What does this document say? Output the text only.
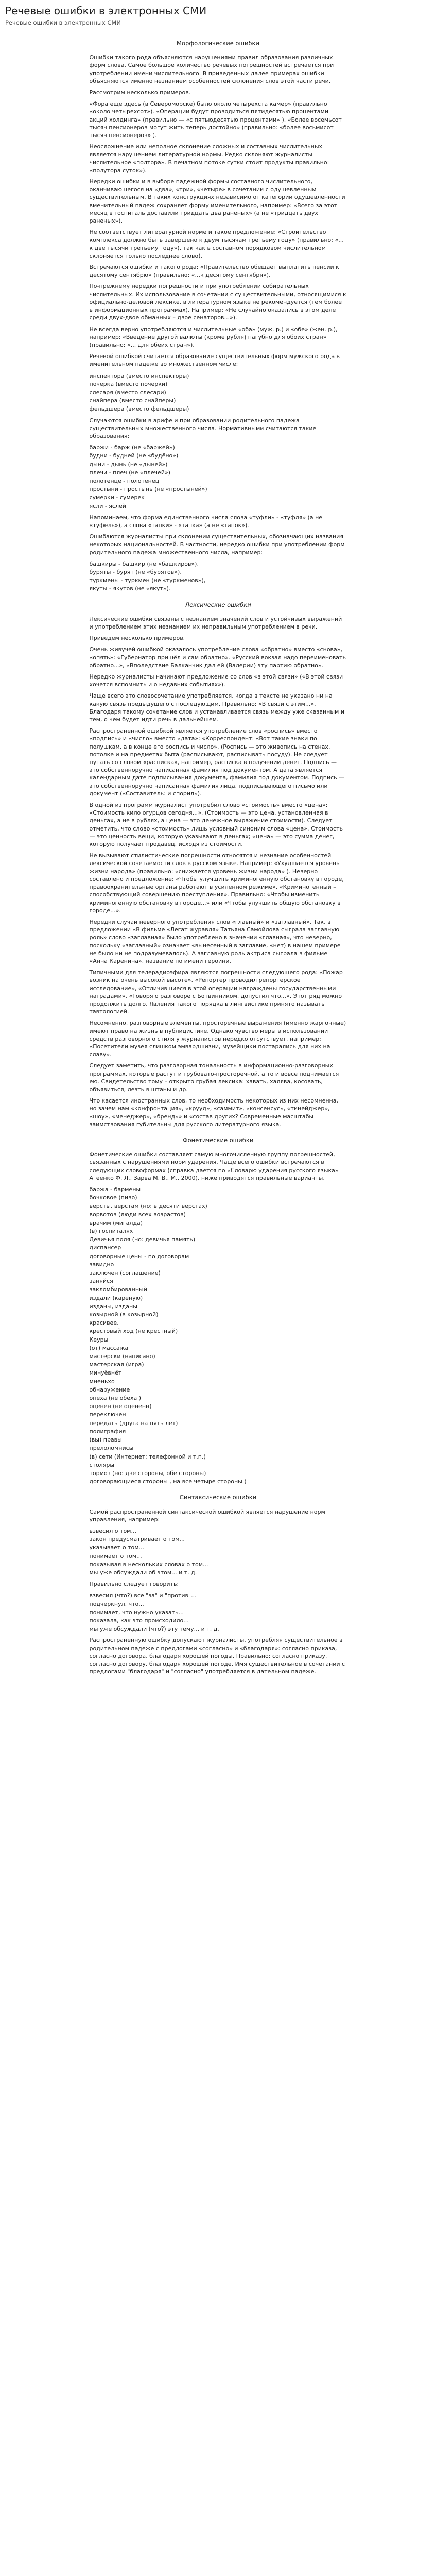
Речевые ошибки в электронных СМИ
Речевые ошибки в электронных СМИ
Морфологические ошибки

Ошибки такого рода объясняются нарушениями правил образования различных форм слова. Самое большое количество речевых погрешностей встречается при употреблении имени числительного. В приведенных далее примерах ошибки объясняются именно незнанием особенностей склонения слов этой части речи.

Рассмотрим несколько примеров.

«Фора еще здесь (в Североморске) было около четырехста камер» (правильно «около четырехсот»). «Операции будут проводиться пятидесятью процентами акций холдинга» (правильно — «с пятьюдесятью процентами» ). «Более восемьсот тысяч пенсионеров могут жить теперь достойно» (правильно: «более восьмисот тысяч пенсионеров» ).

Неосложнение или неполное склонение сложных и составных числительных является нарушением литературной нормы. Редко склоняют журналисты числительное «полтора». В печатном потоке сутки стоит продукты правильно: «полутора суток»).

Нередки ошибки и в выборе падежной формы составного числительного, оканчивающегося на «два», «три», «четыре» в сочетании с одушевленным существительным. В таких конструкциях независимо от категории одушевленности вменительный падеж сохраняет форму именительного, например: «Всего за этот месяц в госпиталь доставили тридцать два раненых» (а не «тридцать двух раненых»).

Не соответствует литературной норме и такое предложение: «Строительство комплекса должно быть завершено к двум тысячам третьему году» (правильно: «... к две тысячи третьему году»), так как в составном порядковом числительном склоняется только последнее слово).

Встречаются ошибки и такого рода: «Правительство обещает выплатить пенсии к десятому сентябрю» (правильно: «...к десятому сентября»).

По-прежнему нередки погрешности и при употреблении собирательных числительных. Их использование в сочетании с существительными, относящимися к официально-деловой лексике, в литературном языке не рекомендуется (тем более в информационных программах). Например: «Не случайно оказались в этом деле среди двух-двое обманных – двое сенаторов...»).

Не всегда верно употребляются и числительные «оба» (муж. р.) и «обе» (жен. р.), например: «Введение другой валюты (кроме рубля) пагубно для обоих стран» (правильно: «... для обеих стран»).

Речевой ошибкой считается образование существительных форм мужского рода в именительном падеже во множественном числе:

инспектора (вместо инспекторы)
почерка (вместо почерки)
слесаря (вместо слесари)
снайпера (вместо снайперы)
фельдшера (вместо фельдшеры)

Случаются ошибки в арифе и при образовании родительного падежа существительных множественного числа. Нормативными считаются такие образования:

баржи - барж (не «баржей»)
будни - будней (не «будёно»)
дыни - дынь (не «дыней»)
плечи - плеч (не «плечей»)
полотенце - полотенец
простыни - простынь (не «простыней»)
сумерки - сумерек
ясли - яслей

Напоминаем, что форма единственного числа слова «туфли» - «туфля» (а не «туфель»), а слова «тапки» - «тапка» (а не «тапок»).

Ошибаются журналисты при склонении существительных, обозначающих названия некоторых национальностей. В частности, нередко ошибки при употреблении форм родительного падежа множественного числа, например:

башкиры - башкир (не «башкиров»),
буряты - бурят (не «бурятов»),
туркмены - туркмен (не «туркменов»),
якуты - якутов (не «якут»).
Лексические ошибки

Лексические ошибки связаны с незнанием значений слов и устойчивых выражений и употреблением этих незнанием их неправильным употреблением в речи.

Приведем несколько примеров.

Очень живучей ошибкой оказалось употребление слова «обратно» вместо «снова», «опять»: «Губернатор пришёл и сам обратно». «Русский вокзал надо переименовать обратно...», «Вполедствие Балканчик дал ей (Валерии) эту партию обратно».

Нередко журналисты начинают предложение со слов «в этой связи» («В этой связи хочется вспомнить и о недавних событиях»).

Чаще всего это словосочетание употребляется, когда в тексте не указано ни на какую связь предыдущего с последующим. Правильно: «В связи с этим...». Благодаря такому сочетание слов и устанавливается связь между уже сказанным и тем, о чем будет идти речь в дальнейшем.

Распространенной ошибкой является употребление слов «роспись» вместо «подпись» и «число» вместо «дата»: «Корреспондент: «Вот такие знаки по полушкам, а в конце его роспись и число». (Роспись — это живопись на стенах, потолке и на предметах быта (расписывают, расписывать посуду). Не следует путать со словом «расписка», например, расписка в получении денег. Подпись — это собственноручно написанная фамилия под документом. А дата является календарным дате подписывания документа, фамилия под документом. Подпись — это собственноручно написанная фамилия лица, подписывающего письмо или документ («Составитель: и спорил»).

В одной из программ журналист употребил слово «стоимость» вместо «цена»: «Стоимость кило огурцов сегодня...». (Стоимость — это цена, установленная в деньгах, а не в рублях, а цена — это денежное выражение стоимости). Следует отметить, что слово «стоимость» лишь условный синоним слова «цена». Стоимость — это ценность вещи, которую указывают в деньгах; «цена» — это сумма денег, которую получает продавец, исходя из стоимости.

Не вызывают стилистические погрешности относятся и незнание особенностей лексической сочетаемости слов в русском языке. Например: «Ухудшается уровень жизни народа» (правильно: «снижается уровень жизни народа» ). Неверно составлено и предложение: «Чтобы улучшить криминогенную обстановку в городе, правоохранительные органы работают в усиленном режиме». «Криминогенный – способствующий совершению преступления». Правильно: «Чтобы изменить криминогенную обстановку в городе...» или «Чтобы улучшить общую обстановку в городе...».

Нередки случаи неверного употребления слов «главный» и «заглавный». Так, в предложении «В фильме «Легат журавля» Татьяна Самойлова сыграла заглавную роль» слово «заглавная» было употреблено в значении «главная», что неверно, поскольку «заглавный» означает «вынесенный в заглавие, «нет) в нашем примере не было ни не подразумевалось). А заглавную роль актриса сыграла в фильме «Анна Каренина», название по имени героини.

Типичными для телерадиоэфира являются погрешности следующего рода: «Пожар возник на очень высокой высоте», «Репортер проводил репортерское исследование», «Отличившиеся в этой операции награждены государственными наградами», «Говоря о разговоре с Ботвинником, допустил что...». Этот ряд можно продолжить долго. Явления такого порядка в лингвистике принято называть тавтологией.

Несомненно, разговорные элементы, просторечные выражения (именно жаргонные) имеют право на жизнь в публицистике. Однако чувство меры в использовании средств разговорного стиля у журналистов нередко отсутствует, например: «Посетители музея слишком эмвардшизни, музейщики постарались для них на славу».

Следует заметить, что разговорная тональность в информационно-разговорных программах, которые растут и грубовато-просторечной, а то и вовсе поднимается ею. Свидетельство тому – открыто грубая лексика: хавать, халява, косовать, объявиться, лезть в штаны и др.

Что касается иностранных слов, то необходимость некоторых из них несомненна, но зачем нам «конфронтация», «крууд», «саммит», «консенсус», «тинейджер», «шоу», «менеджер», «бренд»» и «состав других? Современные масштабы заимствования губительны для русского литературного языка.

Фонетические ошибки

Фонетические ошибки составляет самую многочисленную группу погрешностей, связанных с нарушениями норм ударения. Чаще всего ошибки встречаются в следующих словоформах (справка дается по «Словарю ударения русского языка» Агеенко Ф. Л., Зарва М. В., М., 2000), ниже приводятся правильные варианты.

баржа - бармены
бочковое (пиво)
вёрсты, вёрстам (но: в десяти верстах)
ворвотов (люди всех возрастов)
врачим (мигалда)
(в) госпиталях
Девичья поля (но: девичья память)
диспансер
договорные цены - по договорам
завидно
заключен (соглашение)
заняйся
закломбированный
издали (кареную)
изданы, изданы
козырной (в козырной)
красивее,
крестовый ход (не крёстный)
Кеуры
(от) массажа
мастерски (написано)
мастерская (игра)
минуёвнёт
мненьхо
обнаружение
опеха (не обёха )
оценён (не оценённ)
переключен
передать (друга на пять лет)
полиграфия
(вы) правы
прелоломнисы
(в) сети (Интернет; телефонной и т.п.)
столяры
тормоз (но: две стороны, обе стороны)
договорающиеся стороны , на все четыре стороны )
Синтаксические ошибки

Самой распространенной синтаксической ошибкой является нарушение норм управления, например:

взвесил о том...
закон предусматривает о том...
указывает о том...
понимает о том...
показывая в нескольких словах о том...
мы уже обсуждали об этом... и т. д.

Правильно следует говорить:

взвесил (что?) все "за" и "против"...
подчеркнул, что...
понимает, что нужно указать...
показала, как это происходило...
мы уже обсуждали (что?) эту тему... и т. д.

Распространенную ошибку допускают журналисты, употребляя существительное в родительном падеже с предлогами «согласно» и «благодаря»: согласно приказа, согласно договора, благодаря хорошей погоды. Правильно: согласно приказу, согласно договору, благодаря хорошей погоде. Имя существительное в сочетании с предлогами "благодаря" и "согласно" употребляется в дательном падеже.
